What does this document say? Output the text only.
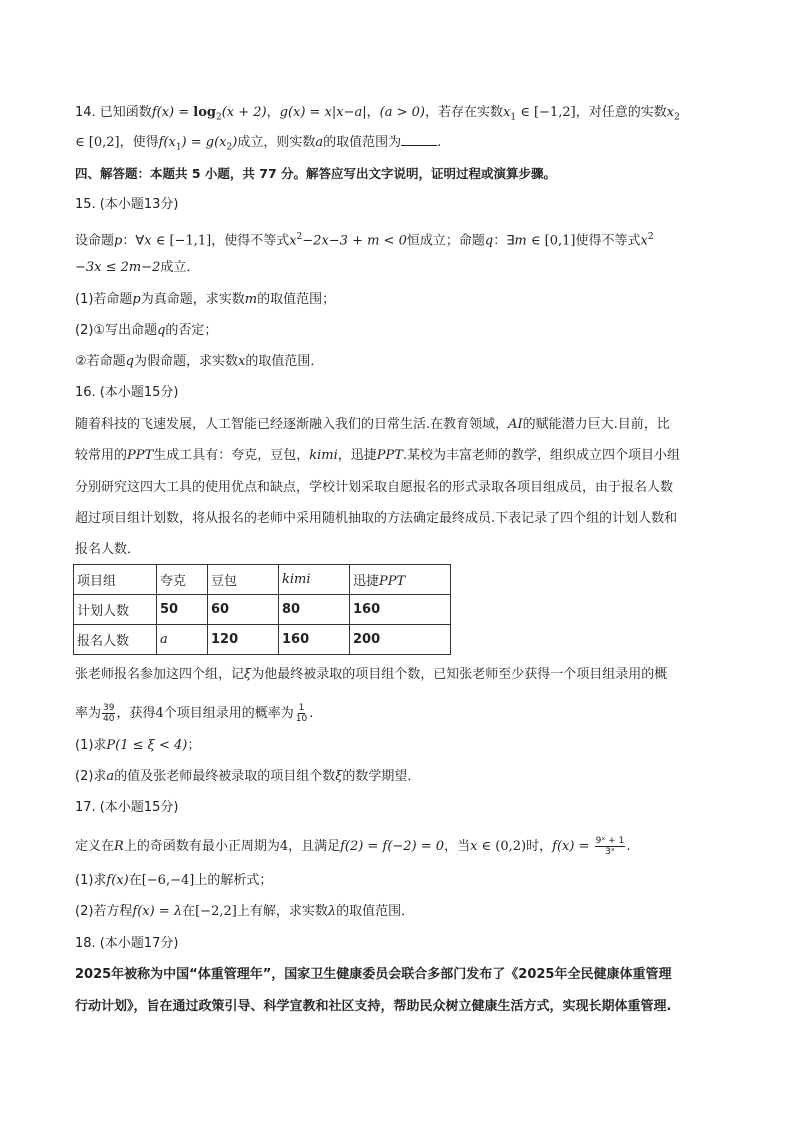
14. 已知函数$f(x) = \log_2(x + 2)$，g(x) = x|x−a|，(a > 0)，若存在实数$x_1$ ∈ [−1,2]，对任意的实数$x_2$
∈ [0,2]，使得$f(x_1) = g(x_2)$成立，则实数a的取值范围为	.
四、解答题：本题共 5 小题，共 77 分。解答应写出文字说明，证明过程或演算步骤。
15. (本小题13分)
设命题p：∀x ∈ [−1,1]，使得不等式$x^2-2x-3 + m < 0$恒成立；命题q：∃m ∈ [0,1]使得不等式$x^2$
−3x ≤ 2m−2成立．
(1)若命题p为真命题，求实数m的取值范围；
(2)①写出命题q的否定；
②若命题q为假命题，求实数x的取值范围．
16. (本小题15分)
随着科技的飞速发展，人工智能已经逐渐融入我们的日常生活.在教育领域，AI的赋能潜力巨大.目前，比
较常用的PPT生成工具有：夸克，豆包，kimi，迅捷PPT.某校为丰富老师的教学，组织成立四个项目小组
分别研究这四大工具的使用优点和缺点，学校计划采取自愿报名的形式录取各项目组成员，由于报名人数
超过项目组计划数，将从报名的老师中采用随机抽取的方法确定最终成员.下表记录了四个组的计划人数和
报名人数．
项目组	夸克	豆包	kimi	迅捷PPT
计划人数	50	60	80	160
报名人数	a	120	160	200
张老师报名参加这四个组，记ξ为他最终被录取的项目组个数，已知张老师至少获得一个项目组录用的概
率为 $\frac{39}{40}$ ，获得4个项目组录用的概率为 $\frac{1}{10}$ .
(1)求P(1 ≤ ξ < 4)；
(2)求a的值及张老师最终被录取的项目组个数ξ的数学期望．
17. (本小题15分)
定义在R上的奇函数有最小正周期为4，且满足f(2) = f(−2) = 0，当x ∈ (0,2)时，$f(x) = \frac{\text{9ˣ + 1}}{\text{3ˣ}}$ .
(1)求f(x)在[−6,−4]上的解析式；
(2)若方程f(x) = λ在[−2,2]上有解，求实数λ的取值范围．
18. (本小题17分)
2025年被称为中国“体重管理年”，国家卫生健康委员会联合多部门发布了《2025年全民健康体重管理
行动计划》，旨在通过政策引导、科学宣教和社区支持，帮助民众树立健康生活方式，实现长期体重管理.
